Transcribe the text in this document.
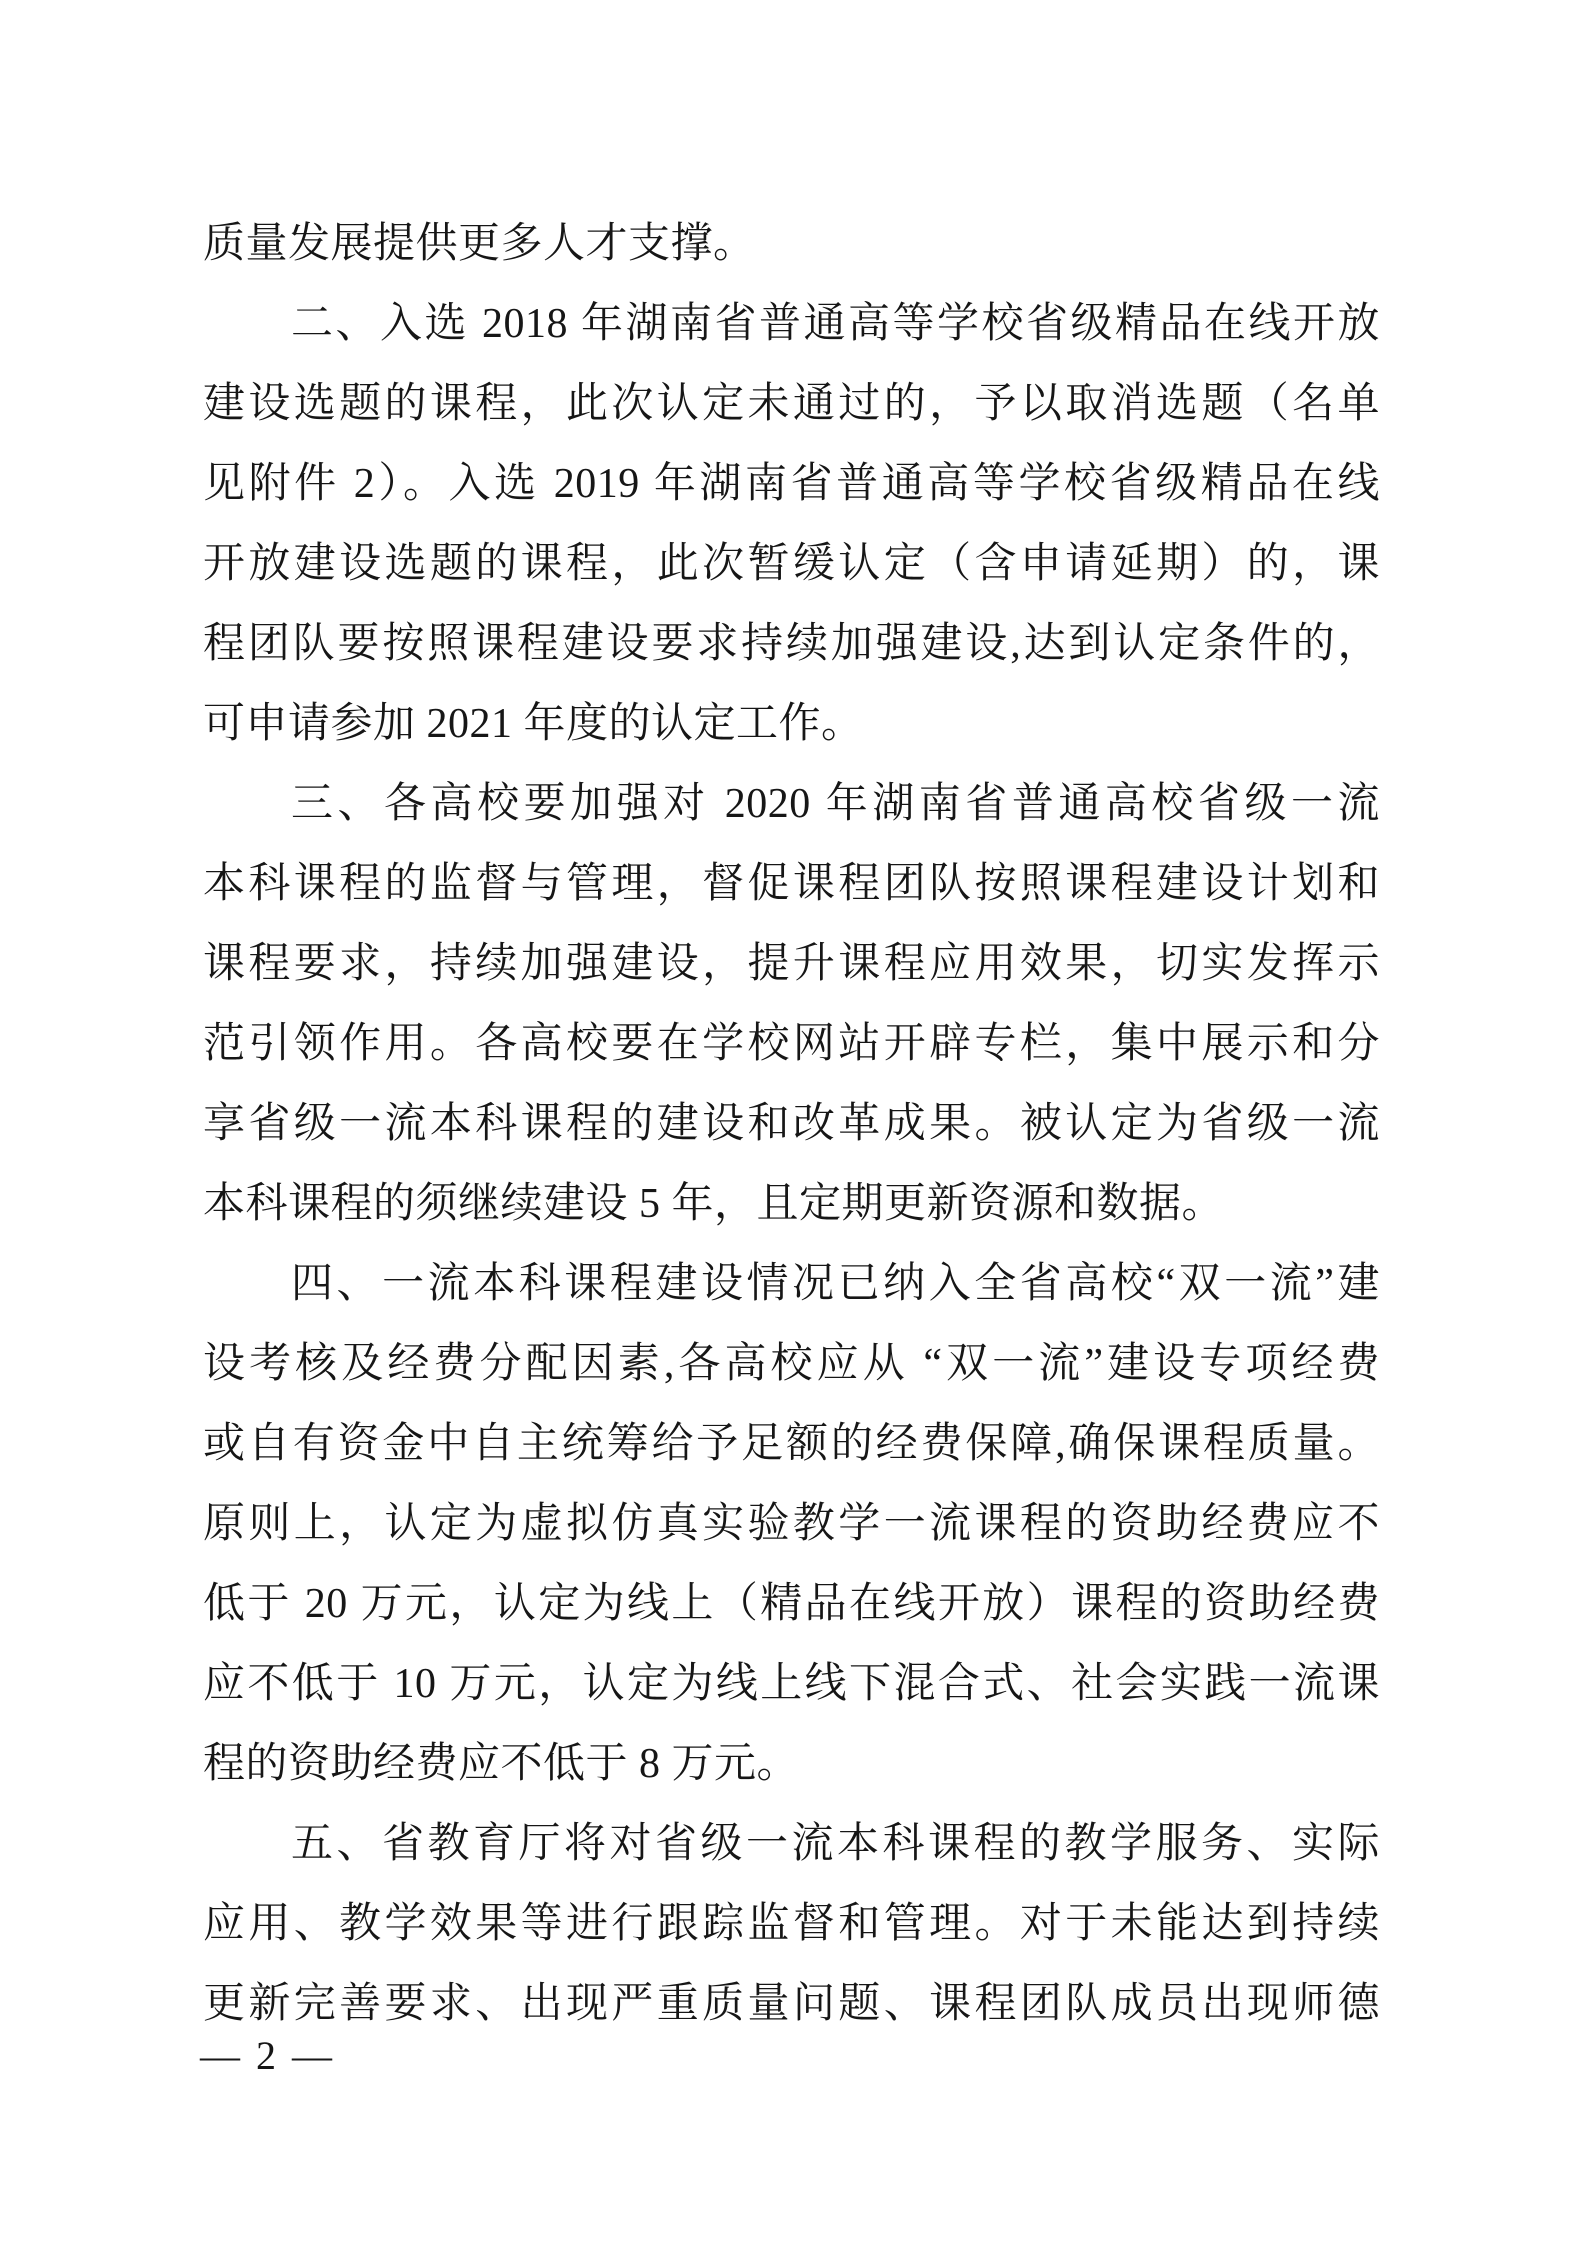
质量发展提供更多人才支撑。
二、入选 2018 年湖南省普通高等学校省级精品在线开放
建设选题的课程，此次认定未通过的，予以取消选题（名单
见附件 2）。入选 2019 年湖南省普通高等学校省级精品在线
开放建设选题的课程，此次暂缓认定（含申请延期）的，课
程团队要按照课程建设要求持续加强建设,达到认定条件的，
可申请参加 2021 年度的认定工作。
三、各高校要加强对 2020 年湖南省普通高校省级一流
本科课程的监督与管理，督促课程团队按照课程建设计划和
课程要求，持续加强建设，提升课程应用效果，切实发挥示
范引领作用。各高校要在学校网站开辟专栏，集中展示和分
享省级一流本科课程的建设和改革成果。被认定为省级一流
本科课程的须继续建设 5 年，且定期更新资源和数据。
四、一流本科课程建设情况已纳入全省高校“双一流”建
设考核及经费分配因素,各高校应从 “双一流”建设专项经费
或自有资金中自主统筹给予足额的经费保障,确保课程质量。
原则上，认定为虚拟仿真实验教学一流课程的资助经费应不
低于 20 万元，认定为线上（精品在线开放）课程的资助经费
应不低于 10 万元，认定为线上线下混合式、社会实践一流课
程的资助经费应不低于 8 万元。
五、省教育厅将对省级一流本科课程的教学服务、实际
应用、教学效果等进行跟踪监督和管理。对于未能达到持续
更新完善要求、出现严重质量问题、课程团队成员出现师德
— 2 —
